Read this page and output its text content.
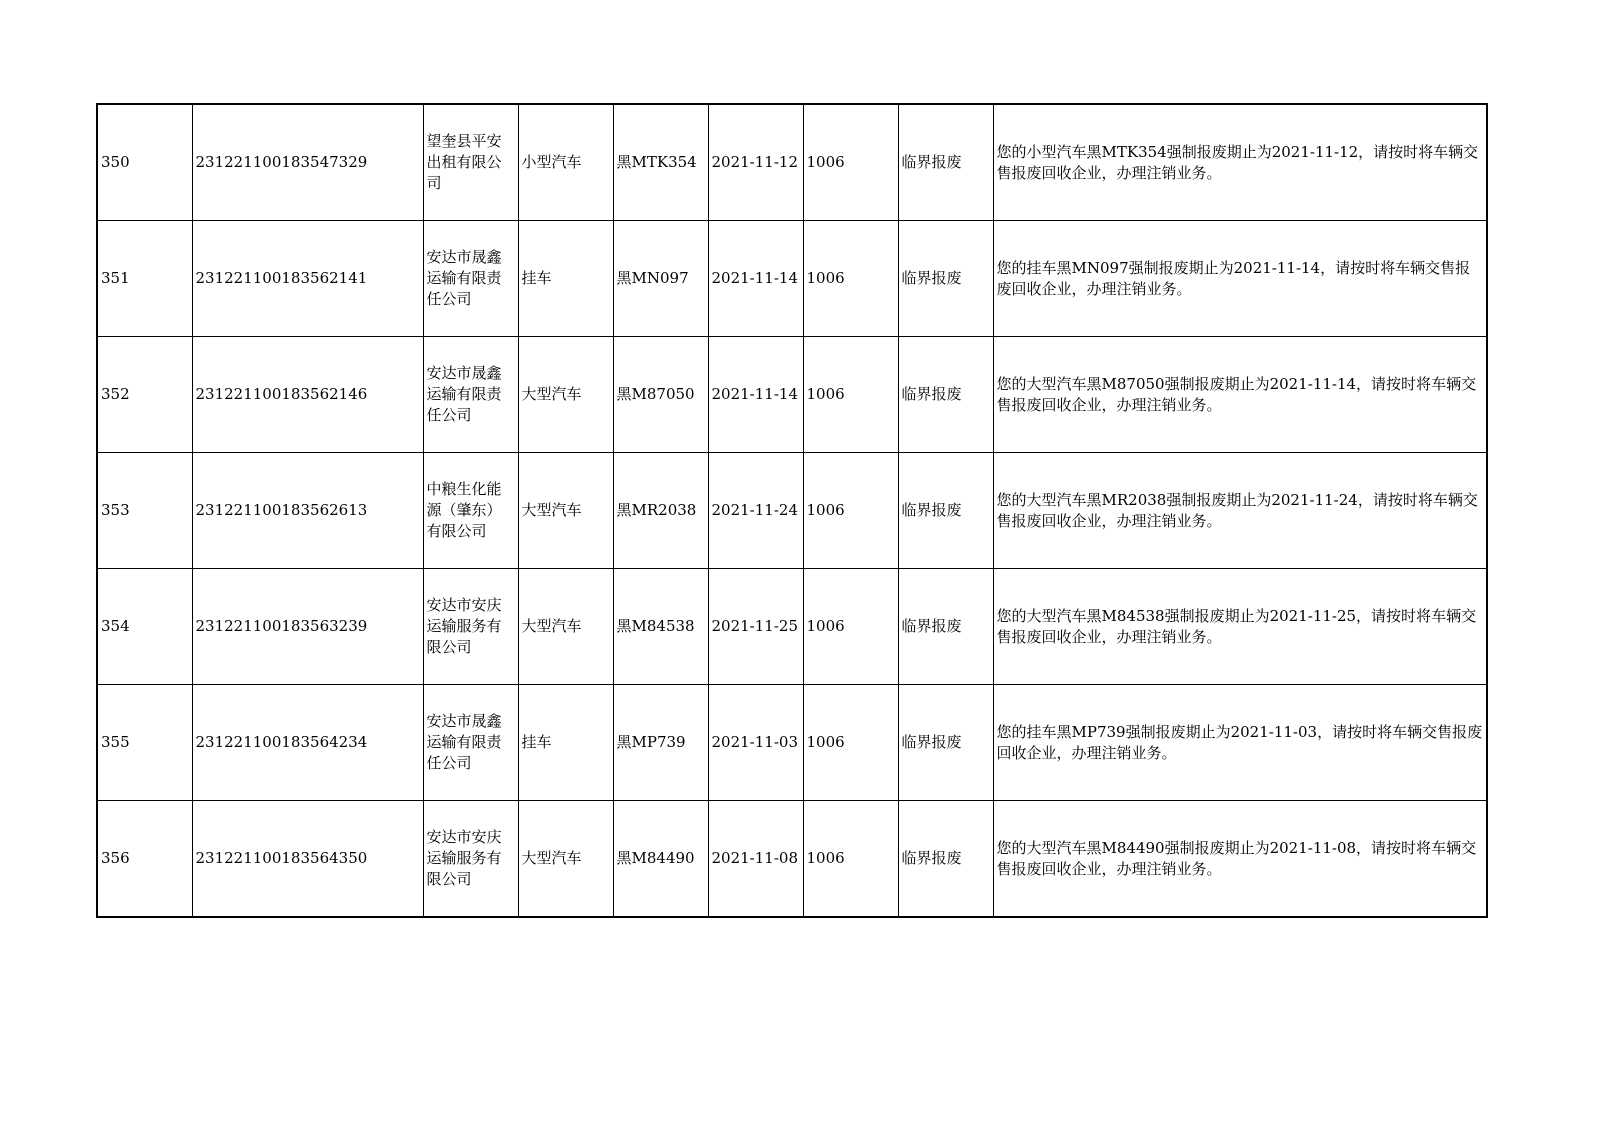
350	231221100183547329	望奎县平安出租有限公司	小型汽车	黑MTK354	2021-11-12	1006	临界报废	您的小型汽车黑MTK354强制报废期止为2021-11-12，请按时将车辆交售报废回收企业，办理注销业务。
351	231221100183562141	安达市晟鑫运输有限责任公司	挂车	黑MN097	2021-11-14	1006	临界报废	您的挂车黑MN097强制报废期止为2021-11-14，请按时将车辆交售报废回收企业，办理注销业务。
352	231221100183562146	安达市晟鑫运输有限责任公司	大型汽车	黑M87050	2021-11-14	1006	临界报废	您的大型汽车黑M87050强制报废期止为2021-11-14，请按时将车辆交售报废回收企业，办理注销业务。
353	231221100183562613	中粮生化能源（肇东）有限公司	大型汽车	黑MR2038	2021-11-24	1006	临界报废	您的大型汽车黑MR2038强制报废期止为2021-11-24，请按时将车辆交售报废回收企业，办理注销业务。
354	231221100183563239	安达市安庆运输服务有限公司	大型汽车	黑M84538	2021-11-25	1006	临界报废	您的大型汽车黑M84538强制报废期止为2021-11-25，请按时将车辆交售报废回收企业，办理注销业务。
355	231221100183564234	安达市晟鑫运输有限责任公司	挂车	黑MP739	2021-11-03	1006	临界报废	您的挂车黑MP739强制报废期止为2021-11-03，请按时将车辆交售报废回收企业，办理注销业务。
356	231221100183564350	安达市安庆运输服务有限公司	大型汽车	黑M84490	2021-11-08	1006	临界报废	您的大型汽车黑M84490强制报废期止为2021-11-08，请按时将车辆交售报废回收企业，办理注销业务。
